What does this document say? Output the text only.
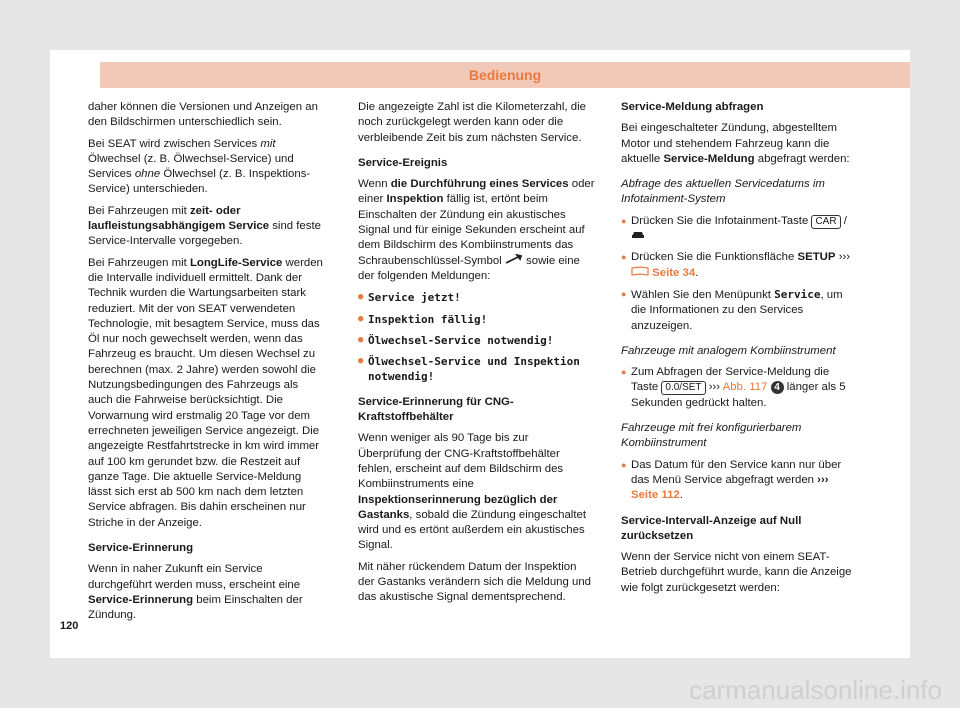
Bedienung

daher können die Versionen und Anzeigen an den Bildschirmen unterschiedlich sein.

Bei SEAT wird zwischen Services mit Ölwechsel (z. B. Ölwechsel-Service) und Services ohne Ölwechsel (z. B. Inspektions-Service) unterschieden.

Bei Fahrzeugen mit zeit- oder laufleistungsabhängigem Service sind feste Service-Intervalle vorgegeben.

Bei Fahrzeugen mit LongLife-Service werden die Intervalle individuell ermittelt. Dank der Technik wurden die Wartungsarbeiten stark reduziert. Mit der von SEAT verwendeten Technologie, mit besagtem Service, muss das Öl nur noch gewechselt werden, wenn das Fahrzeug es braucht. Um diesen Wechsel zu berechnen (max. 2 Jahre) werden sowohl die Nutzungsbedingungen des Fahrzeugs als auch die Fahrweise berücksichtigt. Die Vorwarnung wird erstmalig 20 Tage vor dem errechneten jeweiligen Service angezeigt. Die angezeigte Restfahrtstrecke in km wird immer auf 100 km gerundet bzw. die Restzeit auf ganze Tage. Die aktuelle Service-Meldung lässt sich erst ab 500 km nach dem letzten Service abfragen. Bis dahin erscheinen nur Striche in der Anzeige.

Service-Erinnerung

Wenn in naher Zukunft ein Service durchgeführt werden muss, erscheint eine Service-Erinnerung beim Einschalten der Zündung.

Die angezeigte Zahl ist die Kilometerzahl, die noch zurückgelegt werden kann oder die verbleibende Zeit bis zum nächsten Service.

Service-Ereignis

Wenn die Durchführung eines Services oder einer Inspektion fällig ist, ertönt beim Einschalten der Zündung ein akustisches Signal und für einige Sekunden erscheint auf dem Bildschirm des Kombiinstruments das Schraubenschlüssel-Symbol  sowie eine der folgenden Meldungen:

● Service jetzt!

● Inspektion fällig!

● Ölwechsel-Service notwendig!

● Ölwechsel-Service und Inspektion notwendig!

Service-Erinnerung für CNG-Kraftstoffbehälter

Wenn weniger als 90 Tage bis zur Überprüfung der CNG-Kraftstoffbehälter fehlen, erscheint auf dem Bildschirm des Kombiinstruments eine Inspektionserinnerung bezüglich der Gastanks, sobald die Zündung eingeschaltet wird und es ertönt außerdem ein akustisches Signal.

Mit näher rückendem Datum der Inspektion der Gastanks verändern sich die Meldung und das akustische Signal dementsprechend.

Service-Meldung abfragen

Bei eingeschalteter Zündung, abgestelltem Motor und stehendem Fahrzeug kann die aktuelle Service-Meldung abgefragt werden:

Abfrage des aktuellen Servicedatums im Infotainment-System

● Drücken Sie die Infotainment-Taste CAR /

● Drücken Sie die Funktionsfläche SETUP ›››  Seite 34.

● Wählen Sie den Menüpunkt Service, um die Informationen zu den Services anzuzeigen.

Fahrzeuge mit analogem Kombiinstrument

● Zum Abfragen der Service-Meldung die Taste 0.0/SET ››› Abb. 117 4 länger als 5 Sekunden gedrückt halten.

Fahrzeuge mit frei konfigurierbarem Kombiinstrument

● Das Datum für den Service kann nur über das Menü Service abgefragt werden ››› Seite 112.

Service-Intervall-Anzeige auf Null zurücksetzen

Wenn der Service nicht von einem SEAT-Betrieb durchgeführt wurde, kann die Anzeige wie folgt zurückgesetzt werden:

120
carmanualsonline.info
